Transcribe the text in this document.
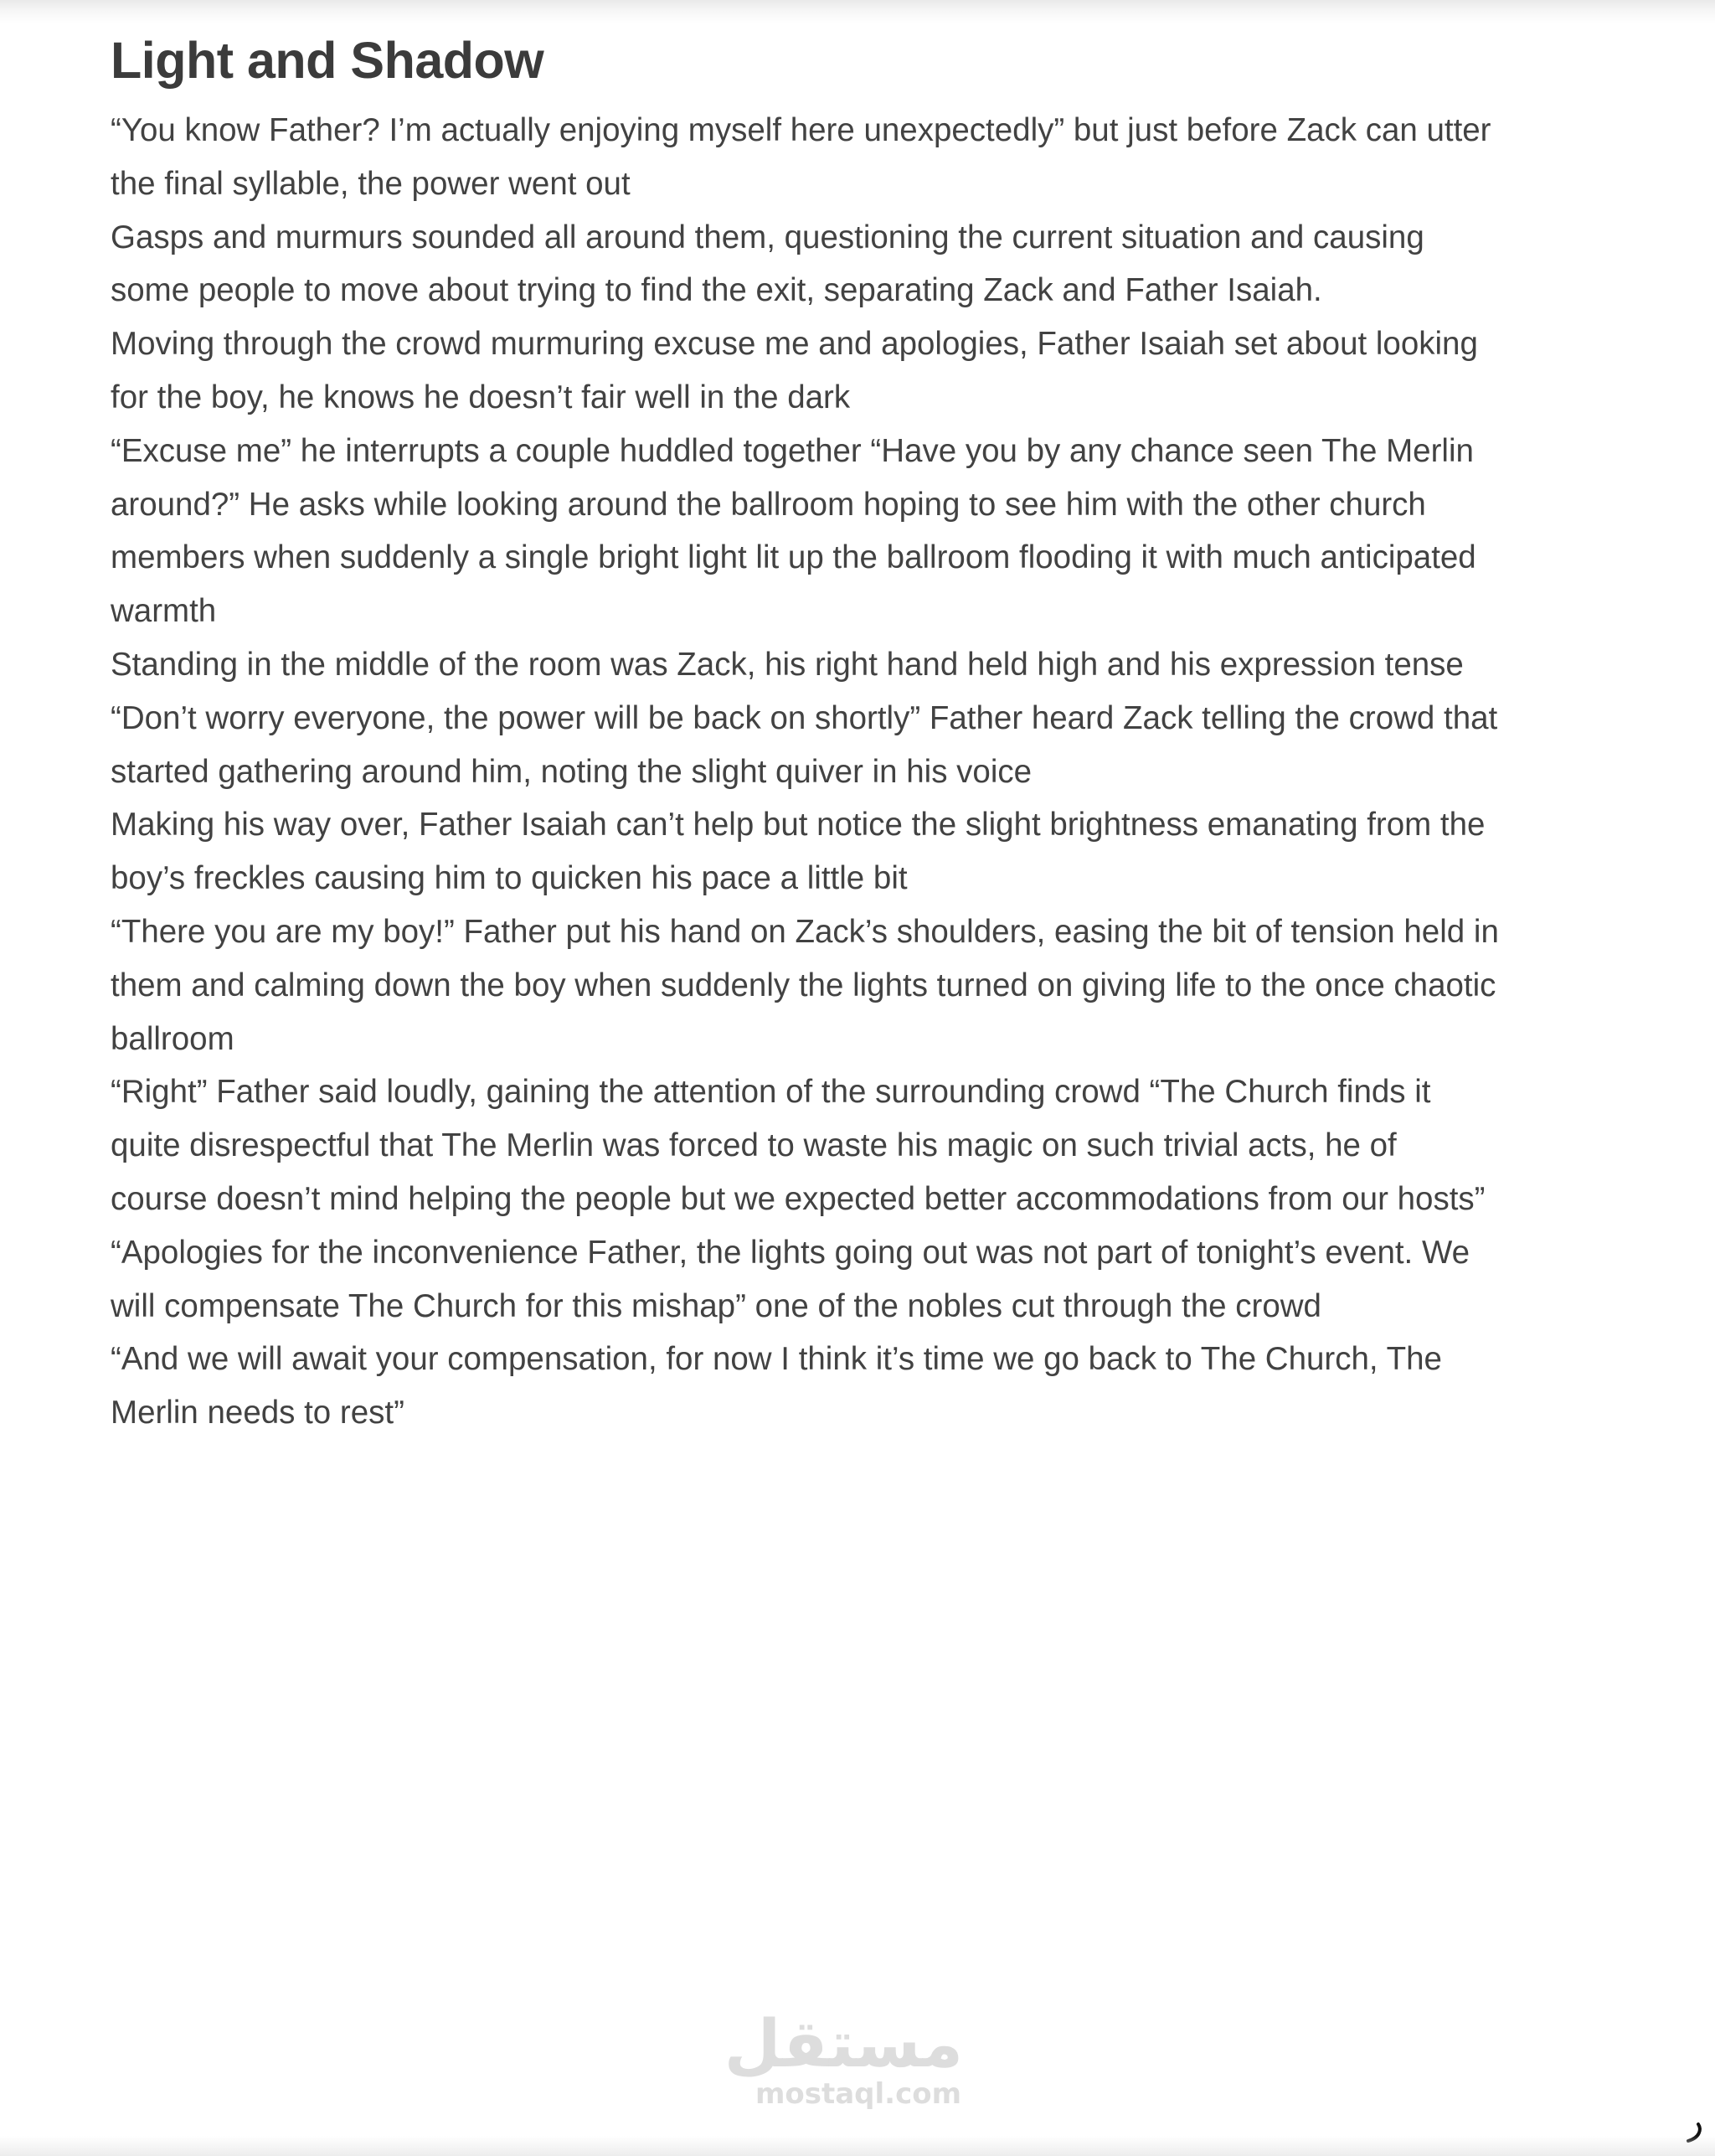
Light and Shadow

“You know Father? I’m actually enjoying myself here unexpectedly” but just before Zack can utter the final syllable, the power went out

Gasps and murmurs sounded all around them, questioning the current situation and causing some people to move about trying to find the exit, separating Zack and Father Isaiah.

Moving through the crowd murmuring excuse me and apologies, Father Isaiah set about looking for the boy, he knows he doesn’t fair well in the dark

“Excuse me” he interrupts a couple huddled together “Have you by any chance seen The Merlin around?” He asks while looking around the ballroom hoping to see him with the other church members when suddenly a single bright light lit up the ballroom flooding it with much anticipated warmth

Standing in the middle of the room was Zack, his right hand held high and his expression tense

“Don’t worry everyone, the power will be back on shortly” Father heard Zack telling the crowd that started gathering around him, noting the slight quiver in his voice

Making his way over, Father Isaiah can’t help but notice the slight brightness emanating from the boy’s freckles causing him to quicken his pace a little bit

“There you are my boy!” Father put his hand on Zack’s shoulders, easing the bit of tension held in them and calming down the boy when suddenly the lights turned on giving life to the once chaotic ballroom

“Right” Father said loudly, gaining the attention of the surrounding crowd “The Church finds it quite disrespectful that The Merlin was forced to waste his magic on such trivial acts, he of course doesn’t mind helping the people but we expected better accommodations from our hosts”

“Apologies for the inconvenience Father, the lights going out was not part of tonight’s event. We will compensate The Church for this mishap” one of the nobles cut through the crowd

“And we will await your compensation, for now I think it’s time we go back to The Church, The Merlin needs to rest”

مستقل
mostaql.com
